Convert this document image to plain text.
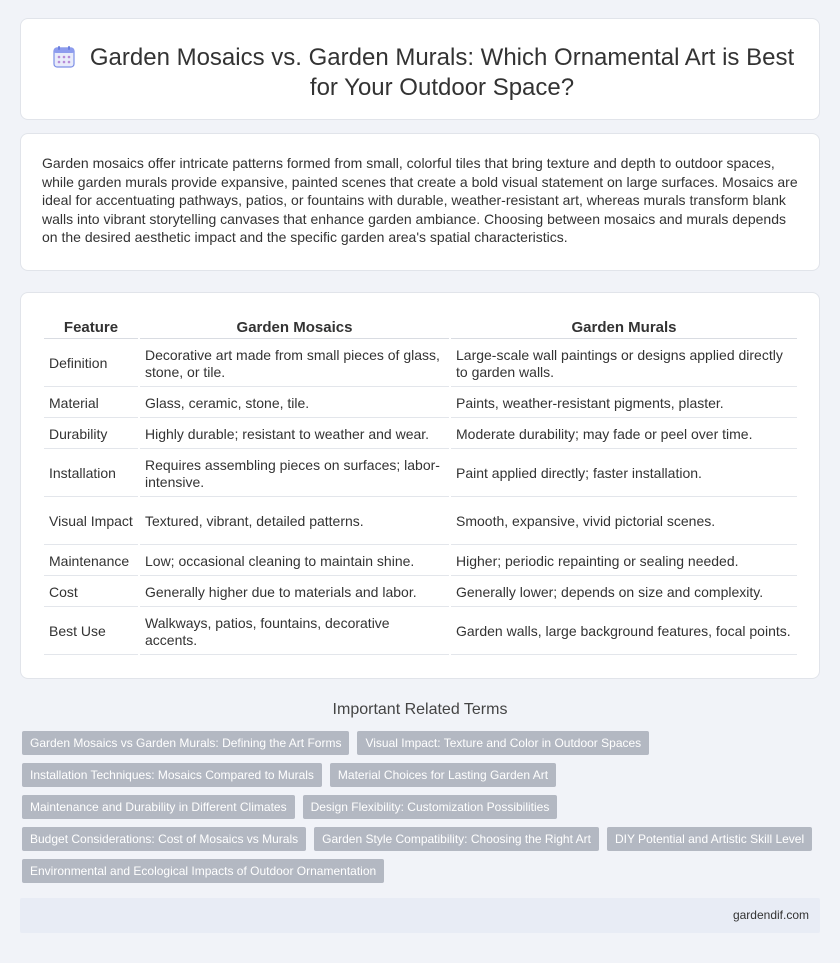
Garden Mosaics vs. Garden Murals: Which Ornamental Art is Best for Your Outdoor Space?

Garden mosaics offer intricate patterns formed from small, colorful tiles that bring texture and depth to outdoor spaces, while garden murals provide expansive, painted scenes that create a bold visual statement on large surfaces. Mosaics are ideal for accentuating pathways, patios, or fountains with durable, weather-resistant art, whereas murals transform blank walls into vibrant storytelling canvases that enhance garden ambiance. Choosing between mosaics and murals depends on the desired aesthetic impact and the specific garden area's spatial characteristics.

Feature	Garden Mosaics	Garden Murals
Definition	Decorative art made from small pieces of glass, stone, or tile.	Large-scale wall paintings or designs applied directly to garden walls.
Material	Glass, ceramic, stone, tile.	Paints, weather-resistant pigments, plaster.
Durability	Highly durable; resistant to weather and wear.	Moderate durability; may fade or peel over time.
Installation	Requires assembling pieces on surfaces; labor-intensive.	Paint applied directly; faster installation.
Visual Impact	Textured, vibrant, detailed patterns.	Smooth, expansive, vivid pictorial scenes.
Maintenance	Low; occasional cleaning to maintain shine.	Higher; periodic repainting or sealing needed.
Cost	Generally higher due to materials and labor.	Generally lower; depends on size and complexity.
Best Use	Walkways, patios, fountains, decorative accents.	Garden walls, large background features, focal points.
Important Related Terms
Garden Mosaics vs Garden Murals: Defining the Art Forms	Visual Impact: Texture and Color in Outdoor Spaces
Installation Techniques: Mosaics Compared to Murals	Material Choices for Lasting Garden Art
Maintenance and Durability in Different Climates	Design Flexibility: Customization Possibilities
Budget Considerations: Cost of Mosaics vs Murals	Garden Style Compatibility: Choosing the Right Art	DIY Potential and Artistic Skill Level
Environmental and Ecological Impacts of Outdoor Ornamentation
gardendif.com
